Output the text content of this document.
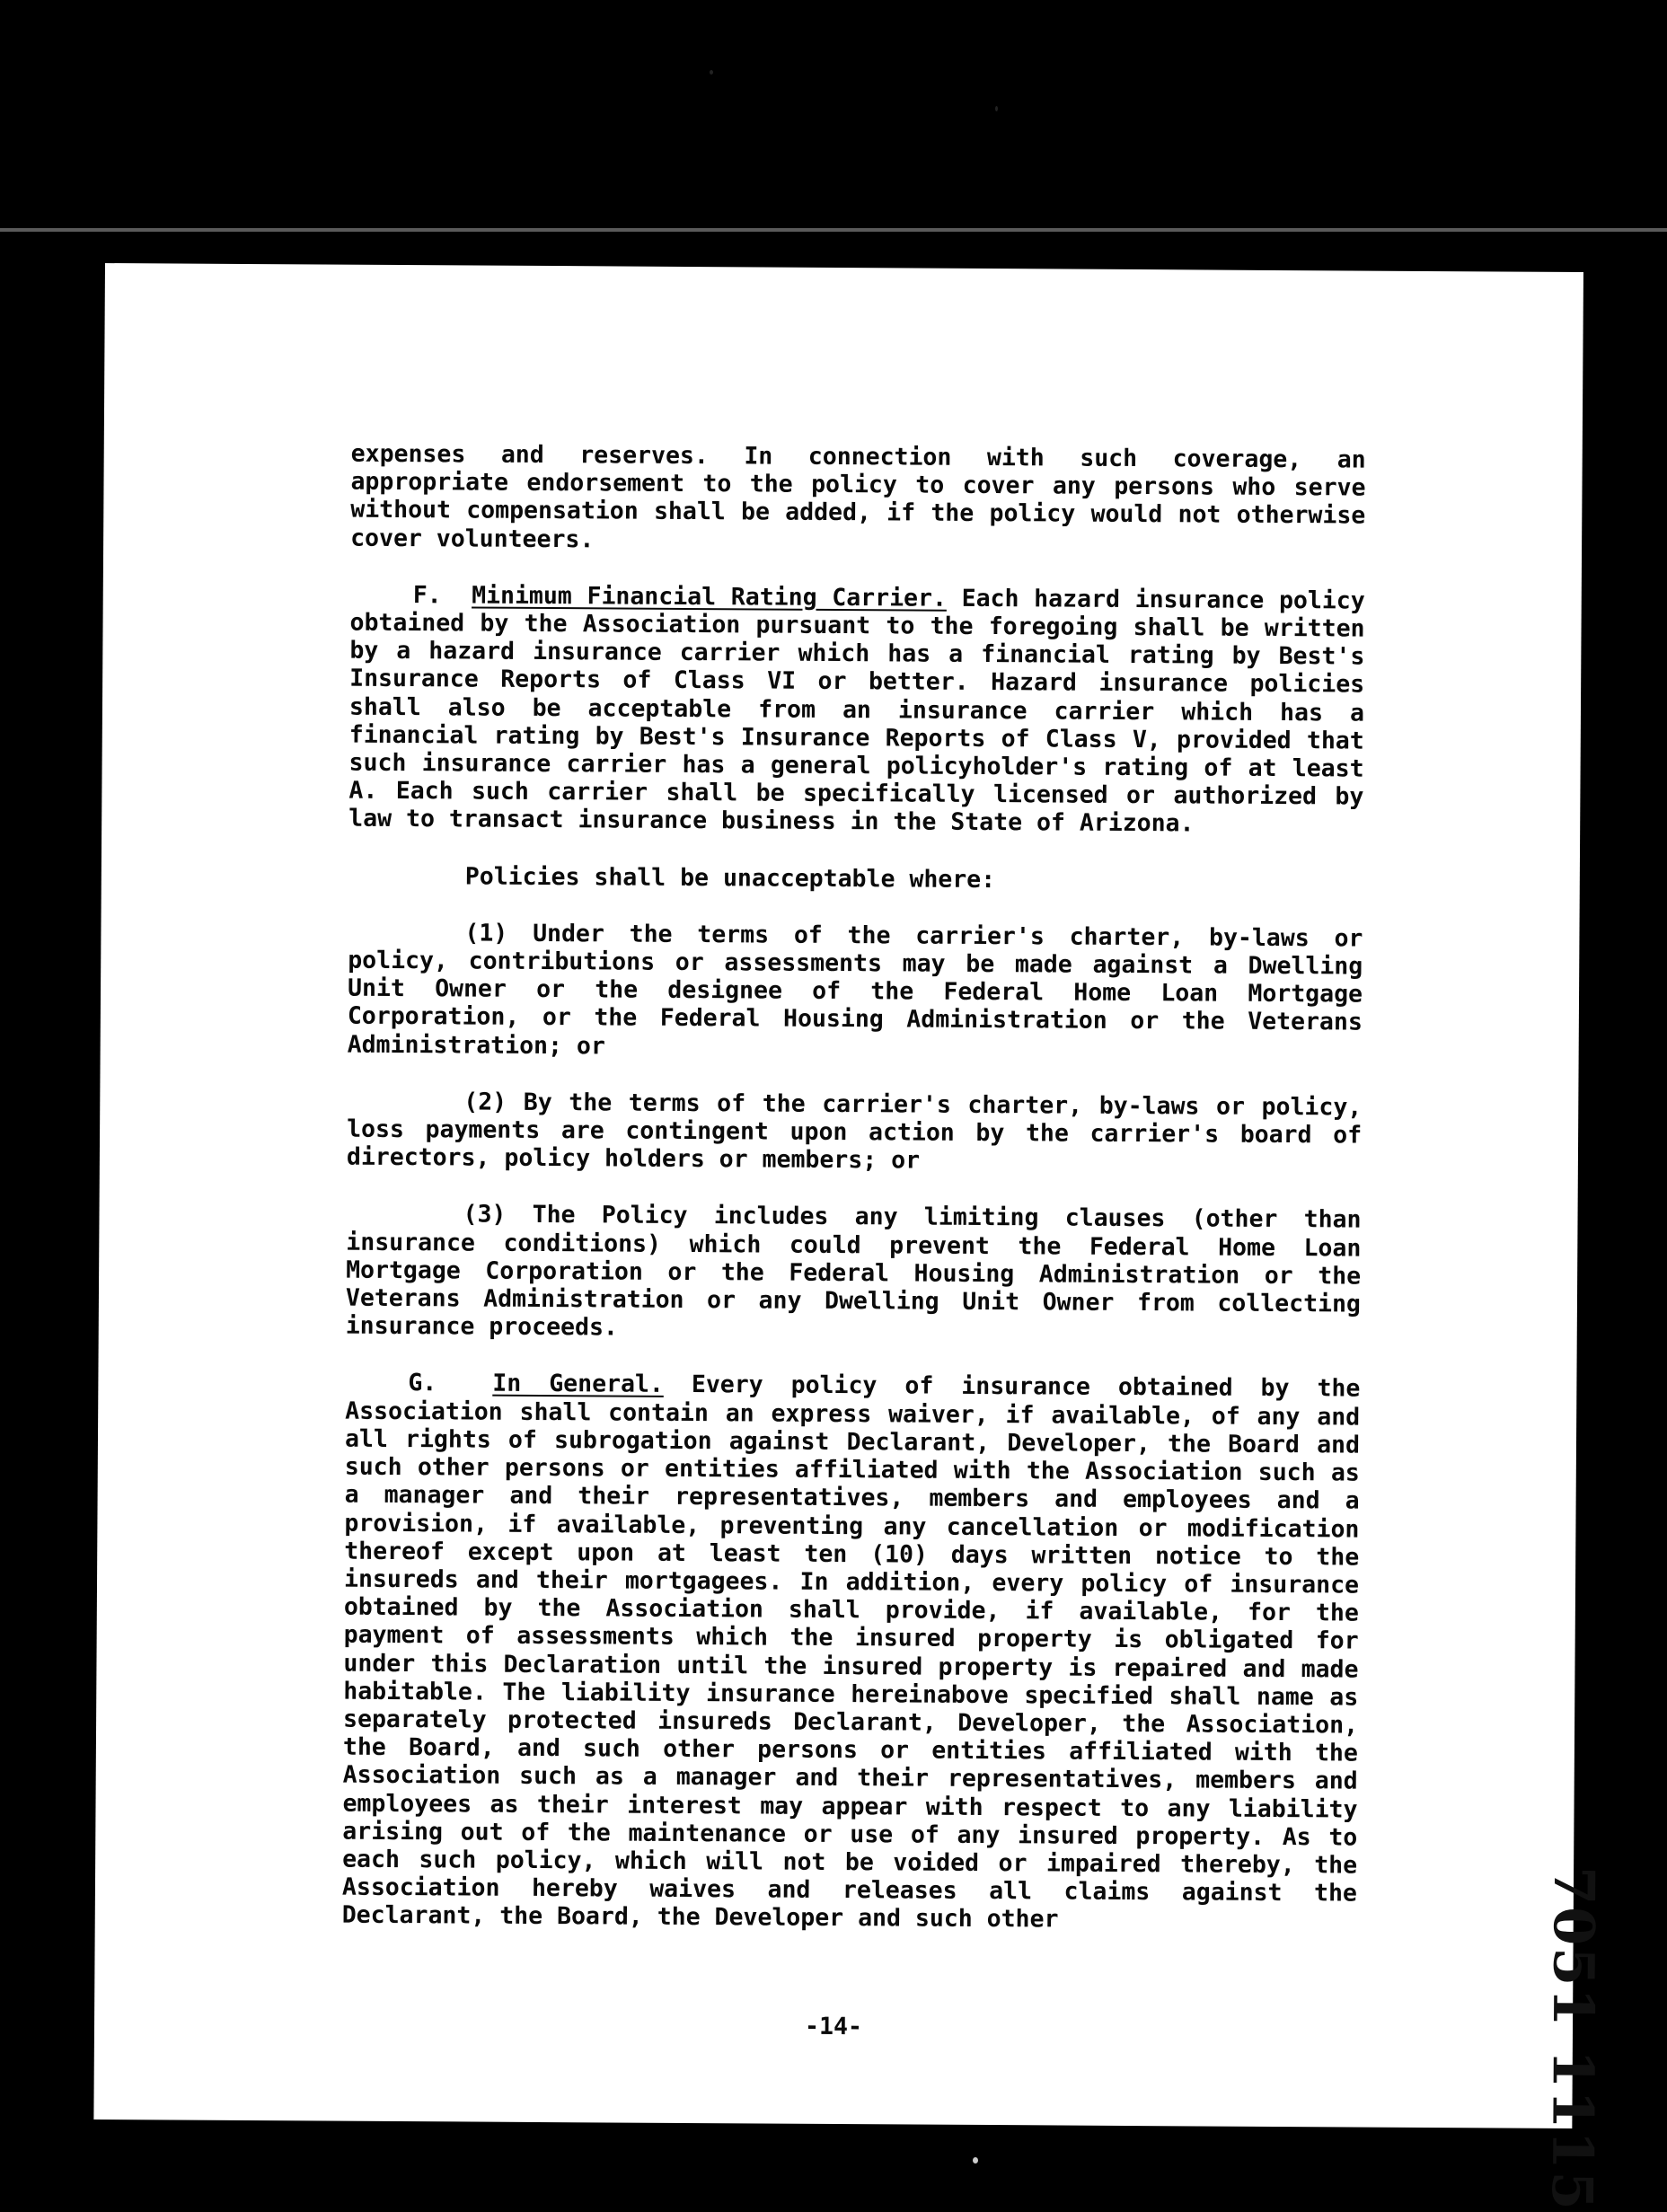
expenses and reserves. In connection with such coverage, an appropriate endorsement to the policy to cover any persons who serve without compensation shall be added, if the policy would not otherwise cover volunteers.

F. Minimum Financial Rating Carrier. Each hazard insurance policy obtained by the Association pursuant to the foregoing shall be written by a hazard insurance carrier which has a financial rating by Best's Insurance Reports of Class VI or better. Hazard insurance policies shall also be acceptable from an insurance carrier which has a financial rating by Best's Insurance Reports of Class V, provided that such insurance carrier has a general policyholder's rating of at least A. Each such carrier shall be specifically licensed or authorized by law to transact insurance business in the State of Arizona.

Policies shall be unacceptable where:

(1) Under the terms of the carrier's charter, by-laws or policy, contributions or assessments may be made against a Dwelling Unit Owner or the designee of the Federal Home Loan Mortgage Corporation, or the Federal Housing Administration or the Veterans Administration; or

(2) By the terms of the carrier's charter, by-laws or policy, loss payments are contingent upon action by the carrier's board of directors, policy holders or members; or

(3) The Policy includes any limiting clauses (other than insurance conditions) which could prevent the Federal Home Loan Mortgage Corporation or the Federal Housing Administration or the Veterans Administration or any Dwelling Unit Owner from collecting insurance proceeds.

G. In General. Every policy of insurance obtained by the Association shall contain an express waiver, if available, of any and all rights of subrogation against Declarant, Developer, the Board and such other persons or entities affiliated with the Association such as a manager and their representatives, members and employees and a provision, if available, preventing any cancellation or modification thereof except upon at least ten (10) days written notice to the insureds and their mortgagees. In addition, every policy of insurance obtained by the Association shall provide, if available, for the payment of assessments which the insured property is obligated for under this Declaration until the insured property is repaired and made habitable. The liability insurance hereinabove specified shall name as separately protected insureds Declarant, Developer, the Association, the Board, and such other persons or entities affiliated with the Association such as a manager and their representatives, members and employees as their interest may appear with respect to any liability arising out of the maintenance or use of any insured property. As to each such policy, which will not be voided or impaired thereby, the Association hereby waives and releases all claims against the Declarant, the Board, the Developer and such other

-14-	7051 1115
